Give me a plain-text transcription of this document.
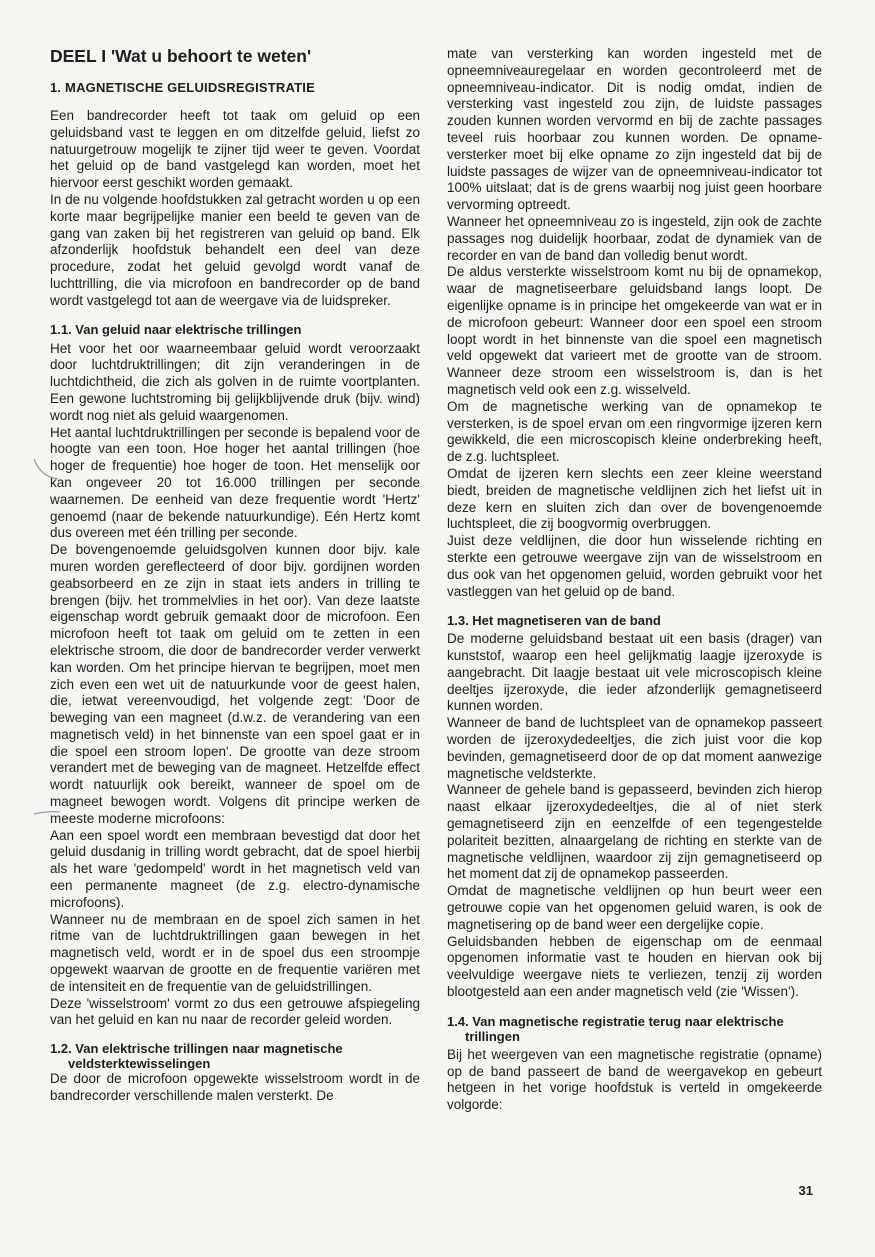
DEEL I 'Wat u behoort te weten'
1. MAGNETISCHE GELUIDSREGISTRATIE

Een bandrecorder heeft tot taak om geluid op een geluidsband vast te leggen en om ditzelfde geluid, liefst zo natuurgetrouw mogelijk te zijner tijd weer te geven. Voordat het geluid op de band vastgelegd kan worden, moet het hiervoor eerst geschikt worden gemaakt.

In de nu volgende hoofdstukken zal getracht worden u op een korte maar begrijpelijke manier een beeld te geven van de gang van zaken bij het registreren van geluid op band. Elk afzonderlijk hoofdstuk behandelt een deel van deze procedure, zodat het geluid gevolgd wordt vanaf de luchttrilling, die via microfoon en bandrecorder op de band wordt vastgelegd tot aan de weergave via de luidspreker.

1.1. Van geluid naar elektrische trillingen

Het voor het oor waarneembaar geluid wordt veroorzaakt door luchtdruktrillingen; dit zijn veranderingen in de luchtdichtheid, die zich als golven in de ruimte voortplanten. Een gewone luchtstroming bij gelijkblijvende druk (bijv. wind) wordt nog niet als geluid waargenomen.

Het aantal luchtdruktrillingen per seconde is bepalend voor de hoogte van een toon. Hoe hoger het aantal trillingen (hoe hoger de frequentie) hoe hoger de toon. Het menselijk oor kan ongeveer 20 tot 16.000 trillingen per seconde waarnemen. De eenheid van deze frequentie wordt 'Hertz' genoemd (naar de bekende natuurkundige). Eén Hertz komt dus overeen met één trilling per seconde.

De bovengenoemde geluidsgolven kunnen door bijv. kale muren worden gereflecteerd of door bijv. gordijnen worden geabsorbeerd en ze zijn in staat iets anders in trilling te brengen (bijv. het trommelvlies in het oor). Van deze laatste eigenschap wordt gebruik gemaakt door de microfoon. Een microfoon heeft tot taak om geluid om te zetten in een elektrische stroom, die door de bandrecorder verder verwerkt kan worden. Om het principe hiervan te begrijpen, moet men zich even een wet uit de natuurkunde voor de geest halen, die, ietwat vereenvoudigd, het volgende zegt: 'Door de beweging van een magneet (d.w.z. de verandering van een magnetisch veld) in het binnenste van een spoel gaat er in die spoel een stroom lopen'. De grootte van deze stroom verandert met de beweging van de magneet. Hetzelfde effect wordt natuurlijk ook bereikt, wanneer de spoel om de magneet bewogen wordt. Volgens dit principe werken de meeste moderne microfoons:

Aan een spoel wordt een membraan bevestigd dat door het geluid dusdanig in trilling wordt gebracht, dat de spoel hierbij als het ware 'gedompeld' wordt in het magnetisch veld van een permanente magneet (de z.g. electro-dynamische microfoons).

Wanneer nu de membraan en de spoel zich samen in het ritme van de luchtdruktrillingen gaan bewegen in het magnetisch veld, wordt er in de spoel dus een stroompje opgewekt waarvan de grootte en de frequentie variëren met de intensiteit en de frequentie van de geluidstrillingen.

Deze 'wisselstroom' vormt zo dus een getrouwe afspiegeling van het geluid en kan nu naar de recorder geleid worden.

1.2. Van elektrische trillingen naar magnetische
veldsterktewisselingen

De door de microfoon opgewekte wisselstroom wordt in de bandrecorder verschillende malen versterkt. De

mate van versterking kan worden ingesteld met de opneemniveauregelaar en worden gecontroleerd met de opneemniveau-indicator. Dit is nodig omdat, indien de versterking vast ingesteld zou zijn, de luidste passages zouden kunnen worden vervormd en bij de zachte passages teveel ruis hoorbaar zou kunnen worden. De opname-versterker moet bij elke opname zo zijn ingesteld dat bij de luidste passages de wijzer van de opneemniveau-indicator tot 100% uitslaat; dat is de grens waarbij nog juist geen hoorbare vervorming optreedt.

Wanneer het opneemniveau zo is ingesteld, zijn ook de zachte passages nog duidelijk hoorbaar, zodat de dynamiek van de recorder en van de band dan volledig benut wordt.

De aldus versterkte wisselstroom komt nu bij de opnamekop, waar de magnetiseerbare geluidsband langs loopt. De eigenlijke opname is in principe het omgekeerde van wat er in de microfoon gebeurt: Wanneer door een spoel een stroom loopt wordt in het binnenste van die spoel een magnetisch veld opgewekt dat varieert met de grootte van de stroom. Wanneer deze stroom een wisselstroom is, dan is het magnetisch veld ook een z.g. wisselveld.

Om de magnetische werking van de opnamekop te versterken, is de spoel ervan om een ringvormige ijzeren kern gewikkeld, die een microscopisch kleine onderbreking heeft, de z.g. luchtspleet.

Omdat de ijzeren kern slechts een zeer kleine weerstand biedt, breiden de magnetische veldlijnen zich het liefst uit in deze kern en sluiten zich dan over de bovengenoemde luchtspleet, die zij boogvormig overbruggen.

Juist deze veldlijnen, die door hun wisselende richting en sterkte een getrouwe weergave zijn van de wisselstroom en dus ook van het opgenomen geluid, worden gebruikt voor het vastleggen van het geluid op de band.

1.3. Het magnetiseren van de band

De moderne geluidsband bestaat uit een basis (drager) van kunststof, waarop een heel gelijkmatig laagje ijzeroxyde is aangebracht. Dit laagje bestaat uit vele microscopisch kleine deeltjes ijzeroxyde, die ieder afzonderlijk gemagnetiseerd kunnen worden.

Wanneer de band de luchtspleet van de opnamekop passeert worden de ijzeroxydedeeltjes, die zich juist voor die kop bevinden, gemagnetiseerd door de op dat moment aanwezige magnetische veldsterkte.

Wanneer de gehele band is gepasseerd, bevinden zich hierop naast elkaar ijzeroxydedeeltjes, die al of niet sterk gemagnetiseerd zijn en eenzelfde of een tegengestelde polariteit bezitten, alnaargelang de richting en sterkte van de magnetische veldlijnen, waardoor zij zijn gemagnetiseerd op het moment dat zij de opnamekop passeerden.

Omdat de magnetische veldlijnen op hun beurt weer een getrouwe copie van het opgenomen geluid waren, is ook de magnetisering op de band weer een dergelijke copie.

Geluidsbanden hebben de eigenschap om de eenmaal opgenomen informatie vast te houden en hiervan ook bij veelvuldige weergave niets te verliezen, tenzij zij worden blootgesteld aan een ander magnetisch veld (zie 'Wissen').

1.4. Van magnetische registratie terug naar elektrische
trillingen

Bij het weergeven van een magnetische registratie (opname) op de band passeert de band de weergavekop en gebeurt hetgeen in het vorige hoofdstuk is verteld in omgekeerde volgorde:

31
